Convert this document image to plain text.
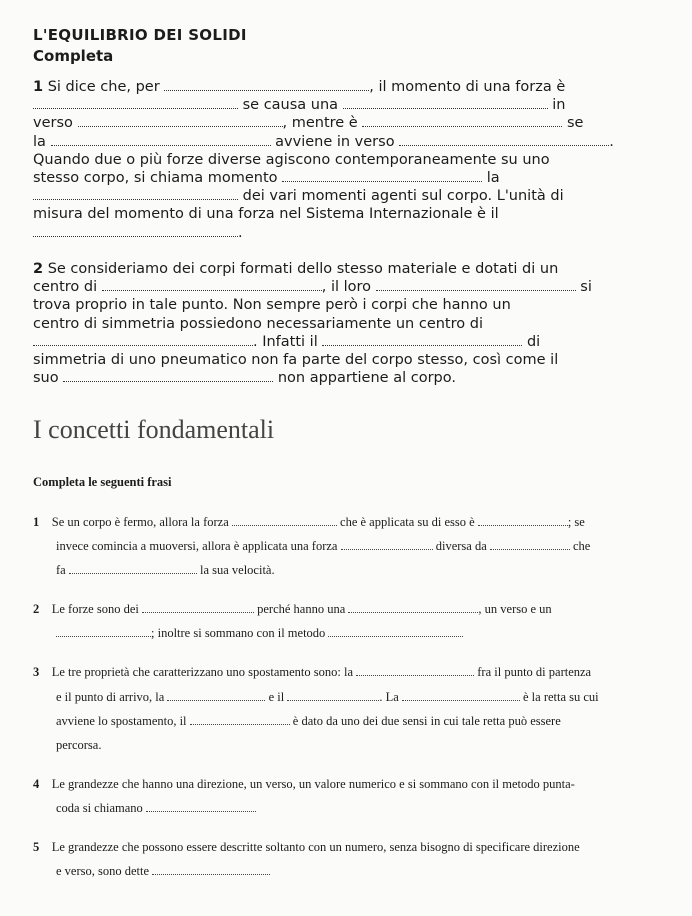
L'EQUILIBRIO DEI SOLIDI
Completa
1 Si dice che, per	, il momento di una forza è
se causa una	in
verso	, mentre è	se
la	avviene in verso	.
Quando due o più forze diverse agiscono contemporaneamente su uno
stesso corpo, si chiama momento	la
dei vari momenti agenti sul corpo. L'unità di
misura del momento di una forza nel Sistema Internazionale è il
.
2 Se consideriamo dei corpi formati dello stesso materiale e dotati di un
centro di	, il loro	si
trova proprio in tale punto. Non sempre però i corpi che hanno un
centro di simmetria possiedono necessariamente un centro di
. Infatti il	di
simmetria di uno pneumatico non fa parte del corpo stesso, così come il
suo	non appartiene al corpo.
I concetti fondamentali
Completa le seguenti frasi
1 Se un corpo è fermo, allora la forza	che è applicata su di esso è	; se
invece comincia a muoversi, allora è applicata una forza	diversa da	che
fa	la sua velocità.
2 Le forze sono dei	perché hanno una	, un verso e un
; inoltre si sommano con il metodo
3 Le tre proprietà che caratterizzano uno spostamento sono: la	fra il punto di partenza
e il punto di arrivo, la	e il	. La	è la retta su cui
avviene lo spostamento, il	è dato da uno dei due sensi in cui tale retta può essere
percorsa.
4 Le grandezze che hanno una direzione, un verso, un valore numerico e si sommano con il metodo punta-
coda si chiamano
5 Le grandezze che possono essere descritte soltanto con un numero, senza bisogno di specificare direzione
e verso, sono dette
